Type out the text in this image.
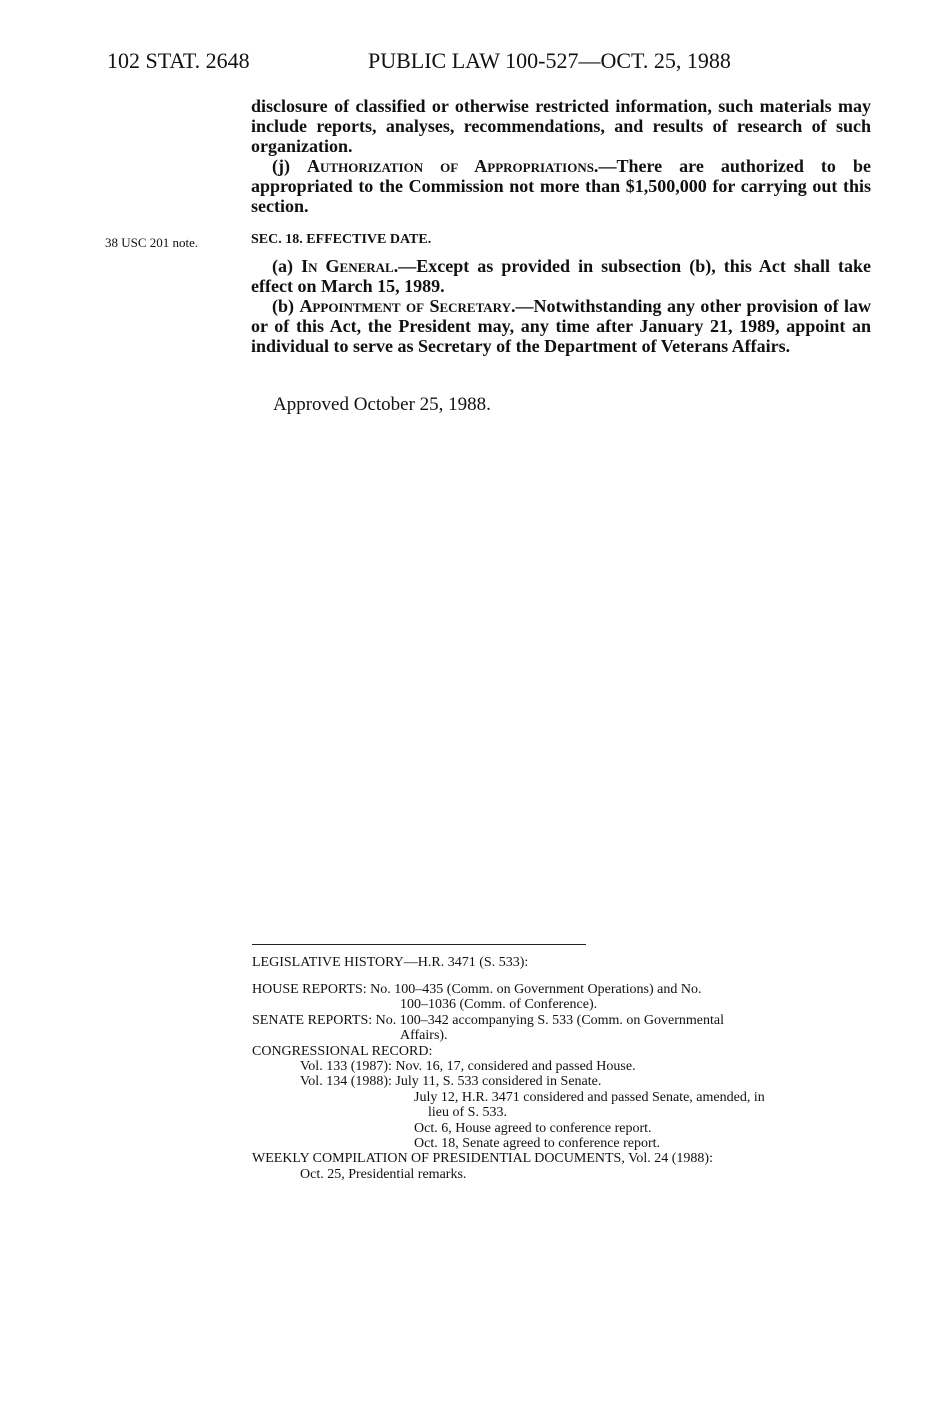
102 STAT. 2648	PUBLIC LAW 100-527—OCT. 25, 1988

disclosure of classified or otherwise restricted information, such materials may include reports, analyses, recommendations, and results of research of such organization.

(j) Authorization of Appropriations.—There are authorized to be appropriated to the Commission not more than $1,500,000 for carrying out this section.

38 USC 201 note.	SEC. 18. EFFECTIVE DATE.

(a) In General.—Except as provided in subsection (b), this Act shall take effect on March 15, 1989.

(b) Appointment of Secretary.—Notwithstanding any other provision of law or of this Act, the President may, any time after January 21, 1989, appoint an individual to serve as Secretary of the Department of Veterans Affairs.

Approved October 25, 1988.
LEGISLATIVE HISTORY—H.R. 3471 (S. 533):
HOUSE REPORTS: No. 100–435 (Comm. on Government Operations) and No.
100–1036 (Comm. of Conference).
SENATE REPORTS: No. 100–342 accompanying S. 533 (Comm. on Governmental
Affairs).
CONGRESSIONAL RECORD:
Vol. 133 (1987): Nov. 16, 17, considered and passed House.
Vol. 134 (1988): July 11, S. 533 considered in Senate.
July 12, H.R. 3471 considered and passed Senate, amended, in
lieu of S. 533.
Oct. 6, House agreed to conference report.
Oct. 18, Senate agreed to conference report.
WEEKLY COMPILATION OF PRESIDENTIAL DOCUMENTS, Vol. 24 (1988):
Oct. 25, Presidential remarks.
